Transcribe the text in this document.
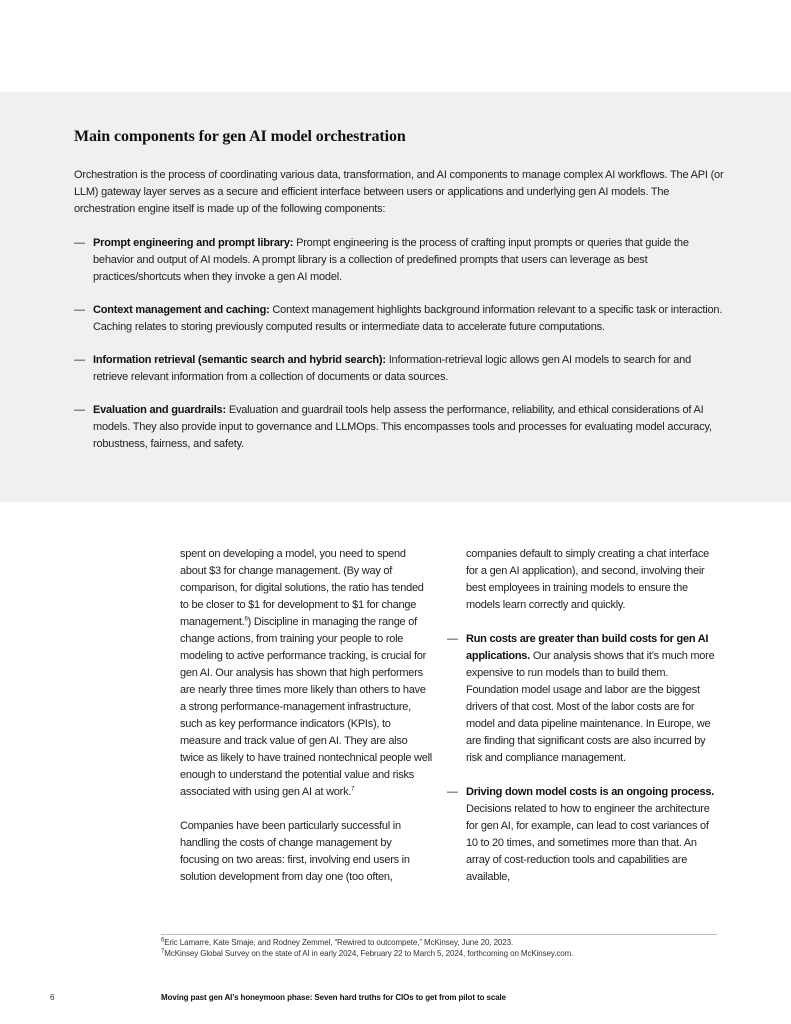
Main components for gen AI model orchestration

Orchestration is the process of coordinating various data, transformation, and AI components to manage complex AI workflows. The API (or LLM) gateway layer serves as a secure and efficient interface between users or applications and underlying gen AI models. The orchestration engine itself is made up of the following components:

— Prompt engineering and prompt library: Prompt engineering is the process of crafting input prompts or queries that guide the behavior and output of AI models. A prompt library is a collection of predefined prompts that users can leverage as best practices/shortcuts when they invoke a gen AI model.
— Context management and caching: Context management highlights background information relevant to a specific task or interaction. Caching relates to storing previously computed results or intermediate data to accelerate future computations.
— Information retrieval (semantic search and hybrid search): Information-retrieval logic allows gen AI models to search for and retrieve relevant information from a collection of documents or data sources.
— Evaluation and guardrails: Evaluation and guardrail tools help assess the performance, reliability, and ethical considerations of AI models. They also provide input to governance and LLMOps. This encompasses tools and processes for evaluating model accuracy, robustness, fairness, and safety.

spent on developing a model, you need to spend about $3 for change management. (By way of comparison, for digital solutions, the ratio has tended to be closer to $1 for development to $1 for change management.$^6$) Discipline in managing the range of change actions, from training your people to role modeling to active performance tracking, is crucial for gen AI. Our analysis has shown that high performers are nearly three times more likely than others to have a strong performance-management infrastructure, such as key performance indicators (KPIs), to measure and track value of gen AI. They are also twice as likely to have trained nontechnical people well enough to understand the potential value and risks associated with using gen AI at work.$^7$

Companies have been particularly successful in handling the costs of change management by focusing on two areas: first, involving end users in solution development from day one (too often,

companies default to simply creating a chat interface for a gen AI application), and second, involving their best employees in training models to ensure the models learn correctly and quickly.

— Run costs are greater than build costs for gen AI applications. Our analysis shows that it’s much more expensive to run models than to build them. Foundation model usage and labor are the biggest drivers of that cost. Most of the labor costs are for model and data pipeline maintenance. In Europe, we are finding that significant costs are also incurred by risk and compliance management.

— Driving down model costs is an ongoing process. Decisions related to how to engineer the architecture for gen AI, for example, can lead to cost variances of 10 to 20 times, and sometimes more than that. An array of cost-reduction tools and capabilities are available,

$^6$Eric Lamarre, Kate Smaje, and Rodney Zemmel, “Rewired to outcompete,” McKinsey, June 20, 2023.
$^7$McKinsey Global Survey on the state of AI in early 2024, February 22 to March 5, 2024, forthcoming on McKinsey.com.
6	Moving past gen AI’s honeymoon phase: Seven hard truths for CIOs to get from pilot to scale
